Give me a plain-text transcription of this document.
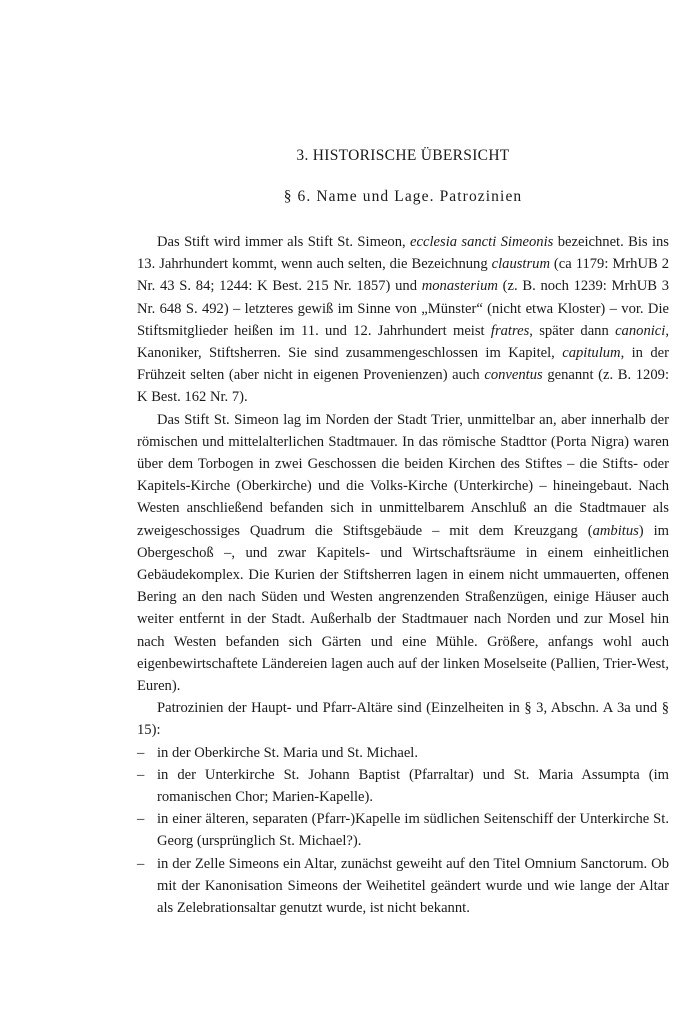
3. HISTORISCHE ÜBERSICHT
§ 6. Name und Lage. Patrozinien

Das Stift wird immer als Stift St. Simeon, ecclesia sancti Simeonis bezeichnet. Bis ins 13. Jahrhundert kommt, wenn auch selten, die Bezeichnung claustrum (ca 1179: MrhUB 2 Nr. 43 S. 84; 1244: K Best. 215 Nr. 1857) und monasterium (z. B. noch 1239: MrhUB 3 Nr. 648 S. 492) – letzteres gewiß im Sinne von „Münster“ (nicht etwa Kloster) – vor. Die Stiftsmitglieder heißen im 11. und 12. Jahrhundert meist fratres, später dann canonici, Kanoniker, Stiftsherren. Sie sind zusammengeschlossen im Kapitel, capitulum, in der Frühzeit selten (aber nicht in eigenen Provenienzen) auch conventus genannt (z. B. 1209: K Best. 162 Nr. 7).

Das Stift St. Simeon lag im Norden der Stadt Trier, unmittelbar an, aber innerhalb der römischen und mittelalterlichen Stadtmauer. In das römische Stadttor (Porta Nigra) waren über dem Torbogen in zwei Geschossen die beiden Kirchen des Stiftes – die Stifts- oder Kapitels-Kirche (Oberkirche) und die Volks-Kirche (Unterkirche) – hineingebaut. Nach Westen anschließend befanden sich in unmittelbarem Anschluß an die Stadtmauer als zweigeschossiges Quadrum die Stiftsgebäude – mit dem Kreuzgang (ambitus) im Obergeschoß –, und zwar Kapitels- und Wirtschaftsräume in einem einheitlichen Gebäudekomplex. Die Kurien der Stiftsherren lagen in einem nicht ummauerten, offenen Bering an den nach Süden und Westen angrenzenden Straßenzügen, einige Häuser auch weiter entfernt in der Stadt. Außerhalb der Stadtmauer nach Norden und zur Mosel hin nach Westen befanden sich Gärten und eine Mühle. Größere, anfangs wohl auch eigenbewirtschaftete Ländereien lagen auch auf der linken Moselseite (Pallien, Trier-West, Euren).

Patrozinien der Haupt- und Pfarr-Altäre sind (Einzelheiten in § 3, Abschn. A 3a und § 15):

– in der Oberkirche St. Maria und St. Michael.
– in der Unterkirche St. Johann Baptist (Pfarraltar) und St. Maria Assumpta (im romanischen Chor; Marien-Kapelle).
– in einer älteren, separaten (Pfarr-)Kapelle im südlichen Seitenschiff der Unterkirche St. Georg (ursprünglich St. Michael?).
– in der Zelle Simeons ein Altar, zunächst geweiht auf den Titel Omnium Sanctorum. Ob mit der Kanonisation Simeons der Weihetitel geändert wurde und wie lange der Altar als Zelebrationsaltar genutzt wurde, ist nicht bekannt.
